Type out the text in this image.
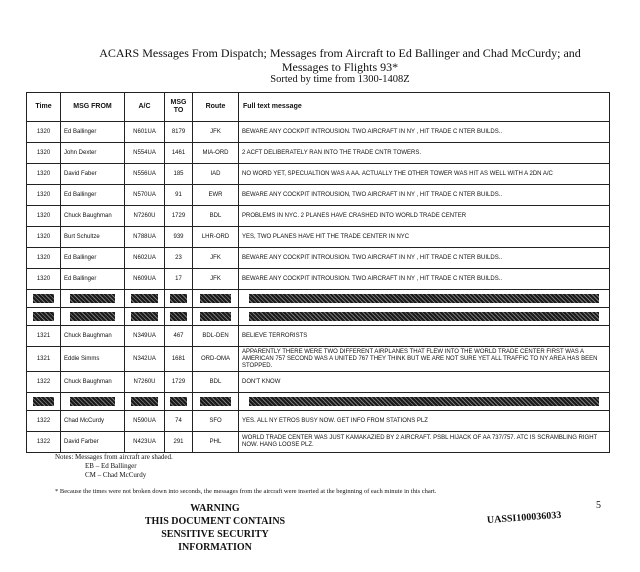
ACARS Messages From Dispatch; Messages from Aircraft to Ed Ballinger and Chad McCurdy; and Messages to Flights 93*
Sorted by time from 1300-1408Z
Time	MSG FROM	A/C	MSG TO	Route	Full text message
1320	Ed Ballinger	N601UA	8179	JFK	BEWARE ANY COCKPIT INTROUSION. TWO AIRCRAFT IN NY , HIT TRADE C NTER BUILDS..
1320	John Dexter	N554UA	1461	MIA-ORD	2 ACFT DELIBERATELY RAN INTO THE TRADE CNTR TOWERS.
1320	David Faber	N556UA	185	IAD	NO WORD YET, SPECUALTION WAS A AA. ACTUALLY THE OTHER TOWER WAS HIT AS WELL WITH A 2DN A/C
1320	Ed Ballinger	N570UA	91	EWR	BEWARE ANY COCKPIT INTROUSION, TWO AIRCRAFT IN NY , HIT TRADE C NTER BUILDS..
1320	Chuck Baughman	N7260U	1729	BDL	PROBLEMS IN NYC. 2 PLANES HAVE CRASHED INTO WORLD TRADE CENTER
1320	Burt Schultze	N788UA	939	LHR-ORD	YES, TWO PLANES HAVE HIT THE TRADE CENTER IN NYC
1320	Ed Ballinger	N602UA	23	JFK	BEWARE ANY COCKPIT INTROUSION. TWO AIRCRAFT IN NY , HIT TRADE C NTER BUILDS..
1320	Ed Ballinger	N609UA	17	JFK	BEWARE ANY COCKPIT INTROUSION. TWO AIRCRAFT IN NY , HIT TRADE C NTER BUILDS..

1321	Chuck Baughman	N349UA	467	BDL-DEN	BELIEVE TERRORISTS
1321	Eddie Simms	N342UA	1681	ORD-OMA	APPARENTLY THERE WERE TWO DIFFERENT AIRPLANES THAT FLEW INTO THE WORLD TRADE CENTER FIRST WAS A AMERICAN 757 SECOND WAS A UNITED 767 THEY THINK BUT WE ARE NOT SURE YET ALL TRAFFIC TO NY AREA HAS BEEN STOPPED.
1322	Chuck Baughman	N7260U	1729	BDL	DON'T KNOW

1322	Chad McCurdy	N590UA	74	SFO	YES. ALL NY ETROS BUSY NOW. GET INFO FROM STATIONS PLZ
1322	David Farber	N423UA	291	PHL	WORLD TRADE CENTER WAS JUST KAMAKAZIED BY 2 AIRCRAFT. PSBL HIJACK OF AA 737/757. ATC IS SCRAMBLING RIGHT NOW. HANG LOOSE PLZ.
Notes: Messages from aircraft are shaded.
EB – Ed Ballinger
CM – Chad McCurdy
* Because the times were not broken down into seconds, the messages from the aircraft were inserted at the beginning of each minute in this chart.
WARNING
THIS DOCUMENT CONTAINS
SENSITIVE SECURITY
INFORMATION
UASSI100036033
5
